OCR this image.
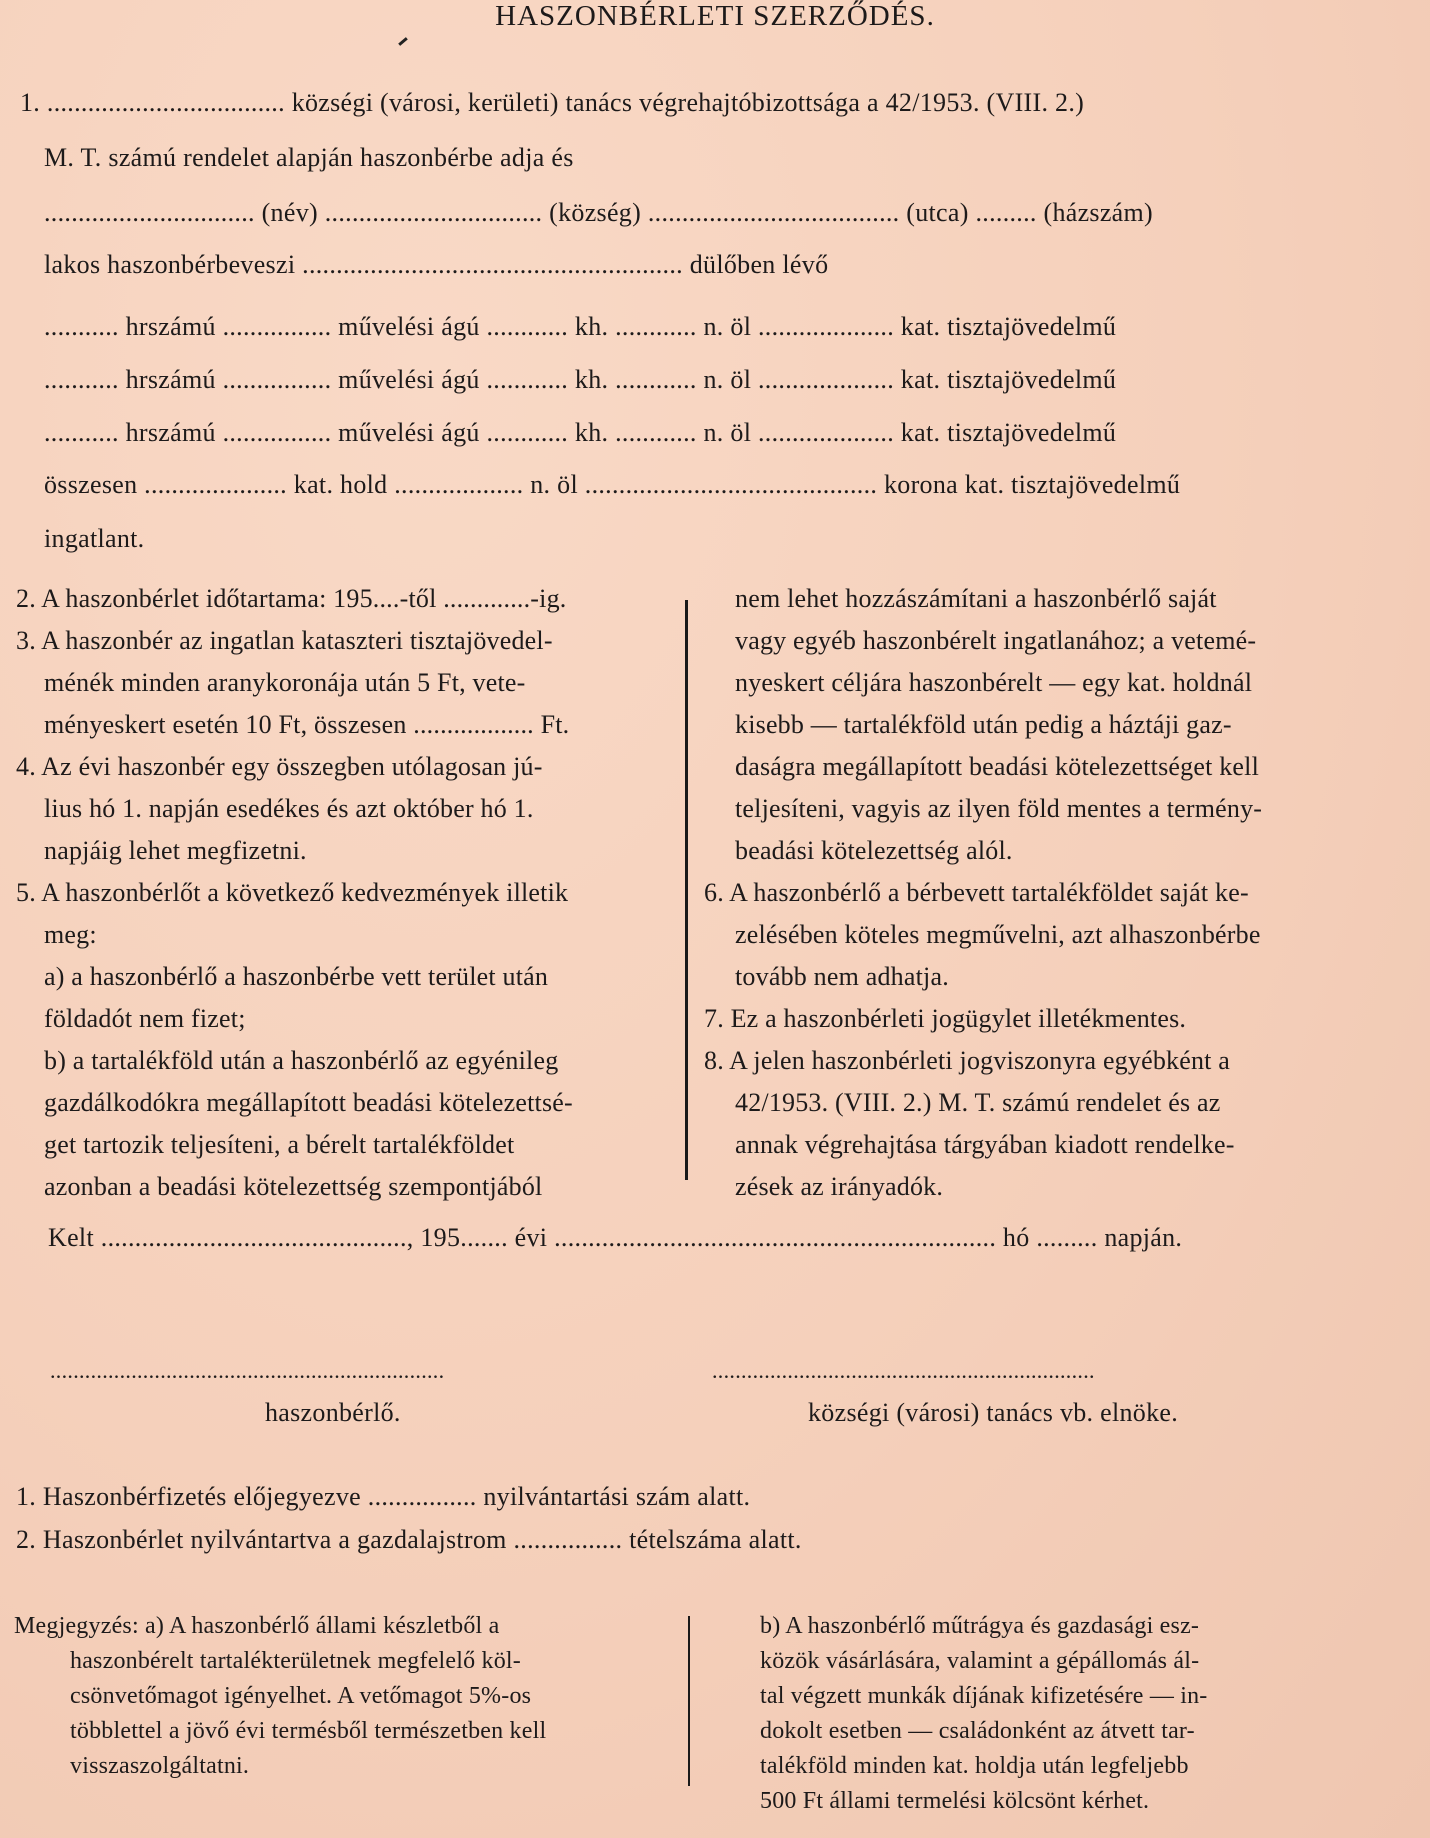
HASZONBÉRLETI SZERZŐDÉS.
1. ................................... községi (városi, kerületi) tanács végrehajtóbizottsága a 42/1953. (VIII. 2.)
M. T. számú rendelet alapján haszonbérbe adja és
............................... (név) ................................ (község) ..................................... (utca) ......... (házszám)
lakos haszonbérbeveszi ........................................................ dülőben lévő
........... hrszámú ................ művelési ágú ............ kh. ............ n. öl .................... kat. tisztajövedelmű
........... hrszámú ................ művelési ágú ............ kh. ............ n. öl .................... kat. tisztajövedelmű
........... hrszámú ................ művelési ágú ............ kh. ............ n. öl .................... kat. tisztajövedelmű
összesen ..................... kat. hold ................... n. öl ........................................... korona kat. tisztajövedelmű
ingatlant.
2. A haszonbérlet időtartama: 195....-től .............-ig.
3. A haszonbér az ingatlan kataszteri tisztajövedel-
ménék minden aranykoronája után 5 Ft, vete-
ményeskert esetén 10 Ft, összesen .................. Ft.
4. Az évi haszonbér egy összegben utólagosan jú-
lius hó 1. napján esedékes és azt október hó 1.
napjáig lehet megfizetni.
5. A haszonbérlőt a következő kedvezmények illetik
meg:
a) a haszonbérlő a haszonbérbe vett terület után
földadót nem fizet;
b) a tartalékföld után a haszonbérlő az egyénileg
gazdálkodókra megállapított beadási kötelezettsé-
get tartozik teljesíteni, a bérelt tartalékföldet
azonban a beadási kötelezettség szempontjából
nem lehet hozzászámítani a haszonbérlő saját
vagy egyéb haszonbérelt ingatlanához; a vetemé-
nyeskert céljára haszonbérelt — egy kat. holdnál
kisebb — tartalékföld után pedig a háztáji gaz-
daságra megállapított beadási kötelezettséget kell
teljesíteni, vagyis az ilyen föld mentes a termény-
beadási kötelezettség alól.
6. A haszonbérlő a bérbevett tartalékföldet saját ke-
zelésében köteles megművelni, azt alhaszonbérbe
tovább nem adhatja.
7. Ez a haszonbérleti jogügylet illetékmentes.
8. A jelen haszonbérleti jogviszonyra egyébként a
42/1953. (VIII. 2.) M. T. számú rendelet és az
annak végrehajtása tárgyában kiadott rendelke-
zések az irányadók.
Kelt ............................................., 195....... évi ................................................................. hó ......... napján.
....................................................................	..................................................................
haszonbérlő.	községi (városi) tanács vb. elnöke.
1. Haszonbérfizetés előjegyezve ................ nyilvántartási szám alatt.
2. Haszonbérlet nyilvántartva a gazdalajstrom ................ tételszáma alatt.
Megjegyzés: a) A haszonbérlő állami készletből a
haszonbérelt tartalékterületnek megfelelő köl-
csönvetőmagot igényelhet. A vetőmagot 5%-os
többlettel a jövő évi termésből természetben kell
visszaszolgáltatni.
b) A haszonbérlő műtrágya és gazdasági esz-
közök vásárlására, valamint a gépállomás ál-
tal végzett munkák díjának kifizetésére — in-
dokolt esetben — családonként az átvett tar-
talékföld minden kat. holdja után legfeljebb
500 Ft állami termelési kölcsönt kérhet.
